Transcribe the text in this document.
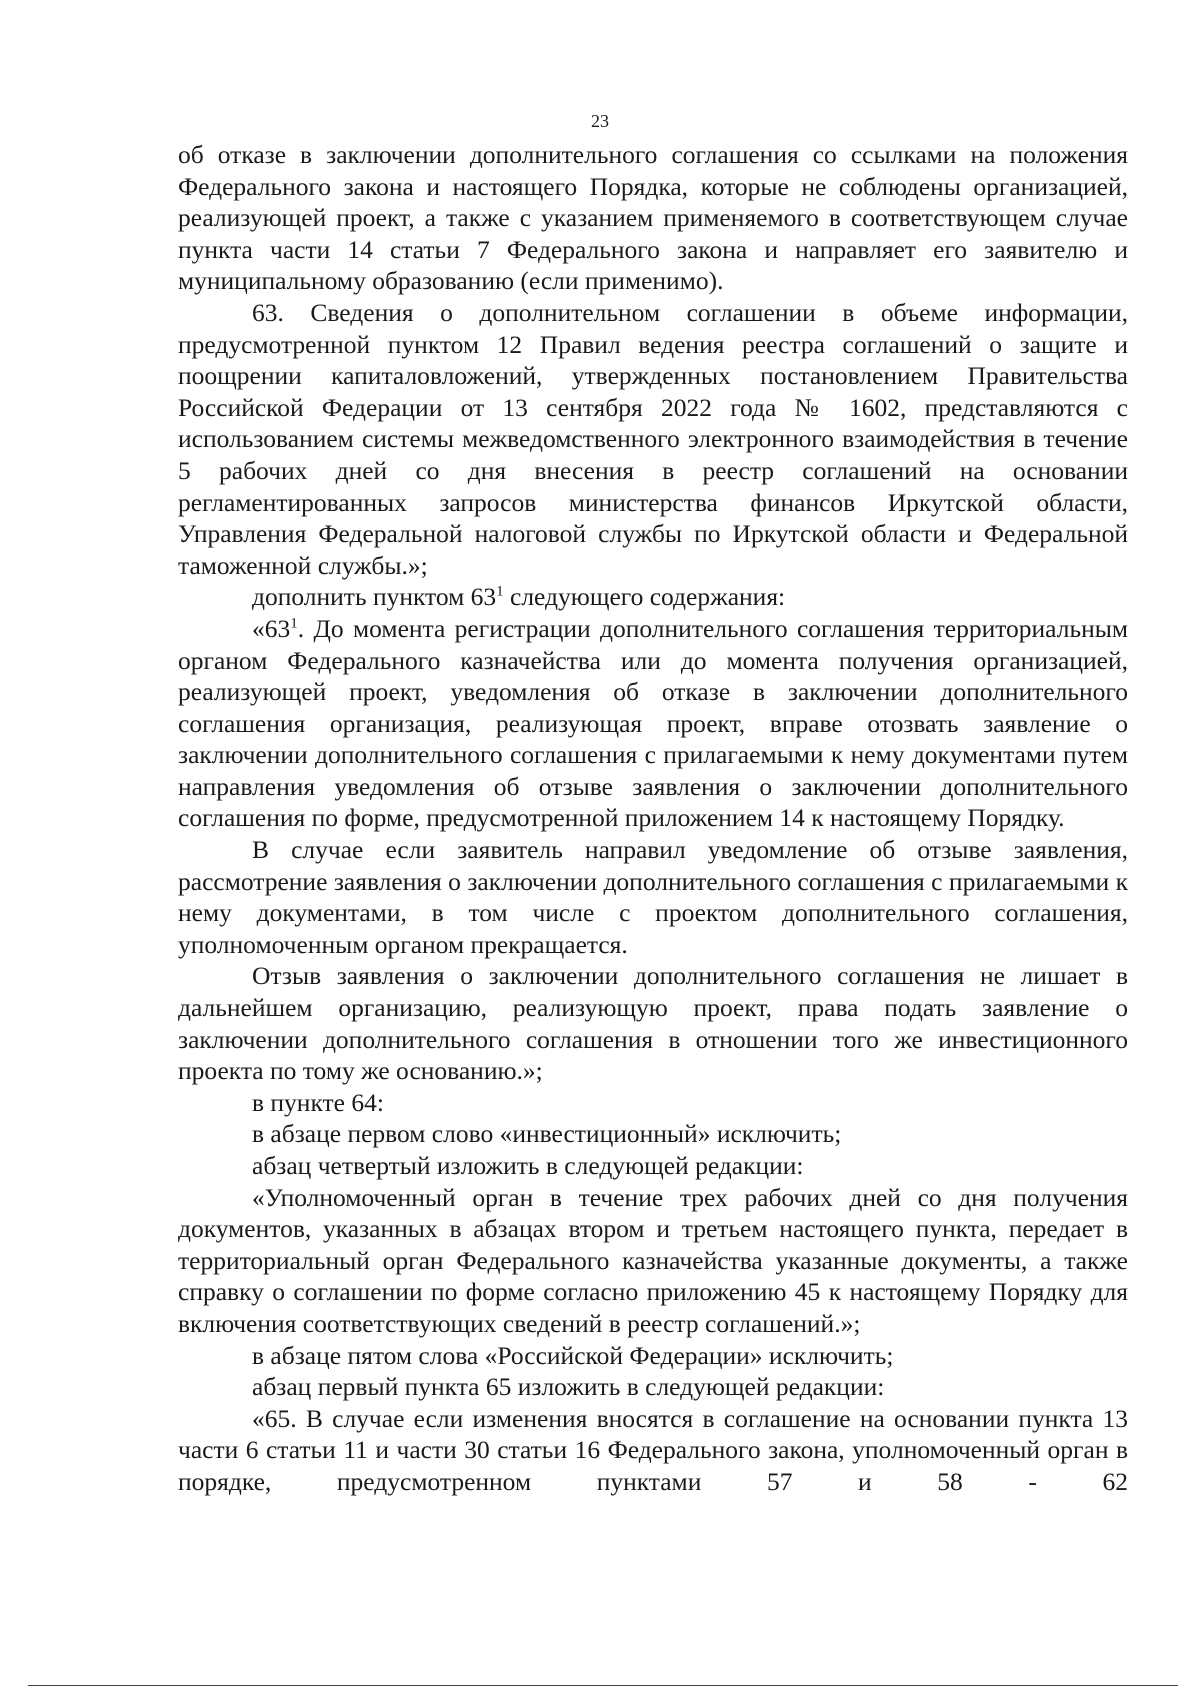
23

об отказе в заключении дополнительного соглашения со ссылками на положения Федерального закона и настоящего Порядка, которые не соблюдены организацией, реализующей проект, а также с указанием применяемого в соответствующем случае пункта части 14 статьи 7 Федерального закона и направляет его заявителю и муниципальному образованию (если применимо).

63. Сведения о дополнительном соглашении в объеме информации, предусмотренной пунктом 12 Правил ведения реестра соглашений о защите и поощрении капиталовложений, утвержденных постановлением Правительства Российской Федерации от 13 сентября 2022 года № 1602, представляются с использованием системы межведомственного электронного взаимодействия в течение 5 рабочих дней со дня внесения в реестр соглашений на основании регламентированных запросов министерства финансов Иркутской области, Управления Федеральной налоговой службы по Иркутской области и Федеральной таможенной службы.»;

дополнить пунктом $63^1$ следующего содержания:

«$63^1$. До момента регистрации дополнительного соглашения территориальным органом Федерального казначейства или до момента получения организацией, реализующей проект, уведомления об отказе в заключении дополнительного соглашения организация, реализующая проект, вправе отозвать заявление о заключении дополнительного соглашения с прилагаемыми к нему документами путем направления уведомления об отзыве заявления о заключении дополнительного соглашения по форме, предусмотренной приложением 14 к настоящему Порядку.

В случае если заявитель направил уведомление об отзыве заявления, рассмотрение заявления о заключении дополнительного соглашения с прилагаемыми к нему документами, в том числе с проектом дополнительного соглашения, уполномоченным органом прекращается.

Отзыв заявления о заключении дополнительного соглашения не лишает в дальнейшем организацию, реализующую проект, права подать заявление о заключении дополнительного соглашения в отношении того же инвестиционного проекта по тому же основанию.»;

в пункте 64:

в абзаце первом слово «инвестиционный» исключить;

абзац четвертый изложить в следующей редакции:

«Уполномоченный орган в течение трех рабочих дней со дня получения документов, указанных в абзацах втором и третьем настоящего пункта, передает в территориальный орган Федерального казначейства указанные документы, а также справку о соглашении по форме согласно приложению 45 к настоящему Порядку для включения соответствующих сведений в реестр соглашений.»;

в абзаце пятом слова «Российской Федерации» исключить;

абзац первый пункта 65 изложить в следующей редакции:

«65. В случае если изменения вносятся в соглашение на основании пункта 13 части 6 статьи 11 и части 30 статьи 16 Федерального закона, уполномоченный орган в порядке, предусмотренном пунктами 57 и 58 - 62
